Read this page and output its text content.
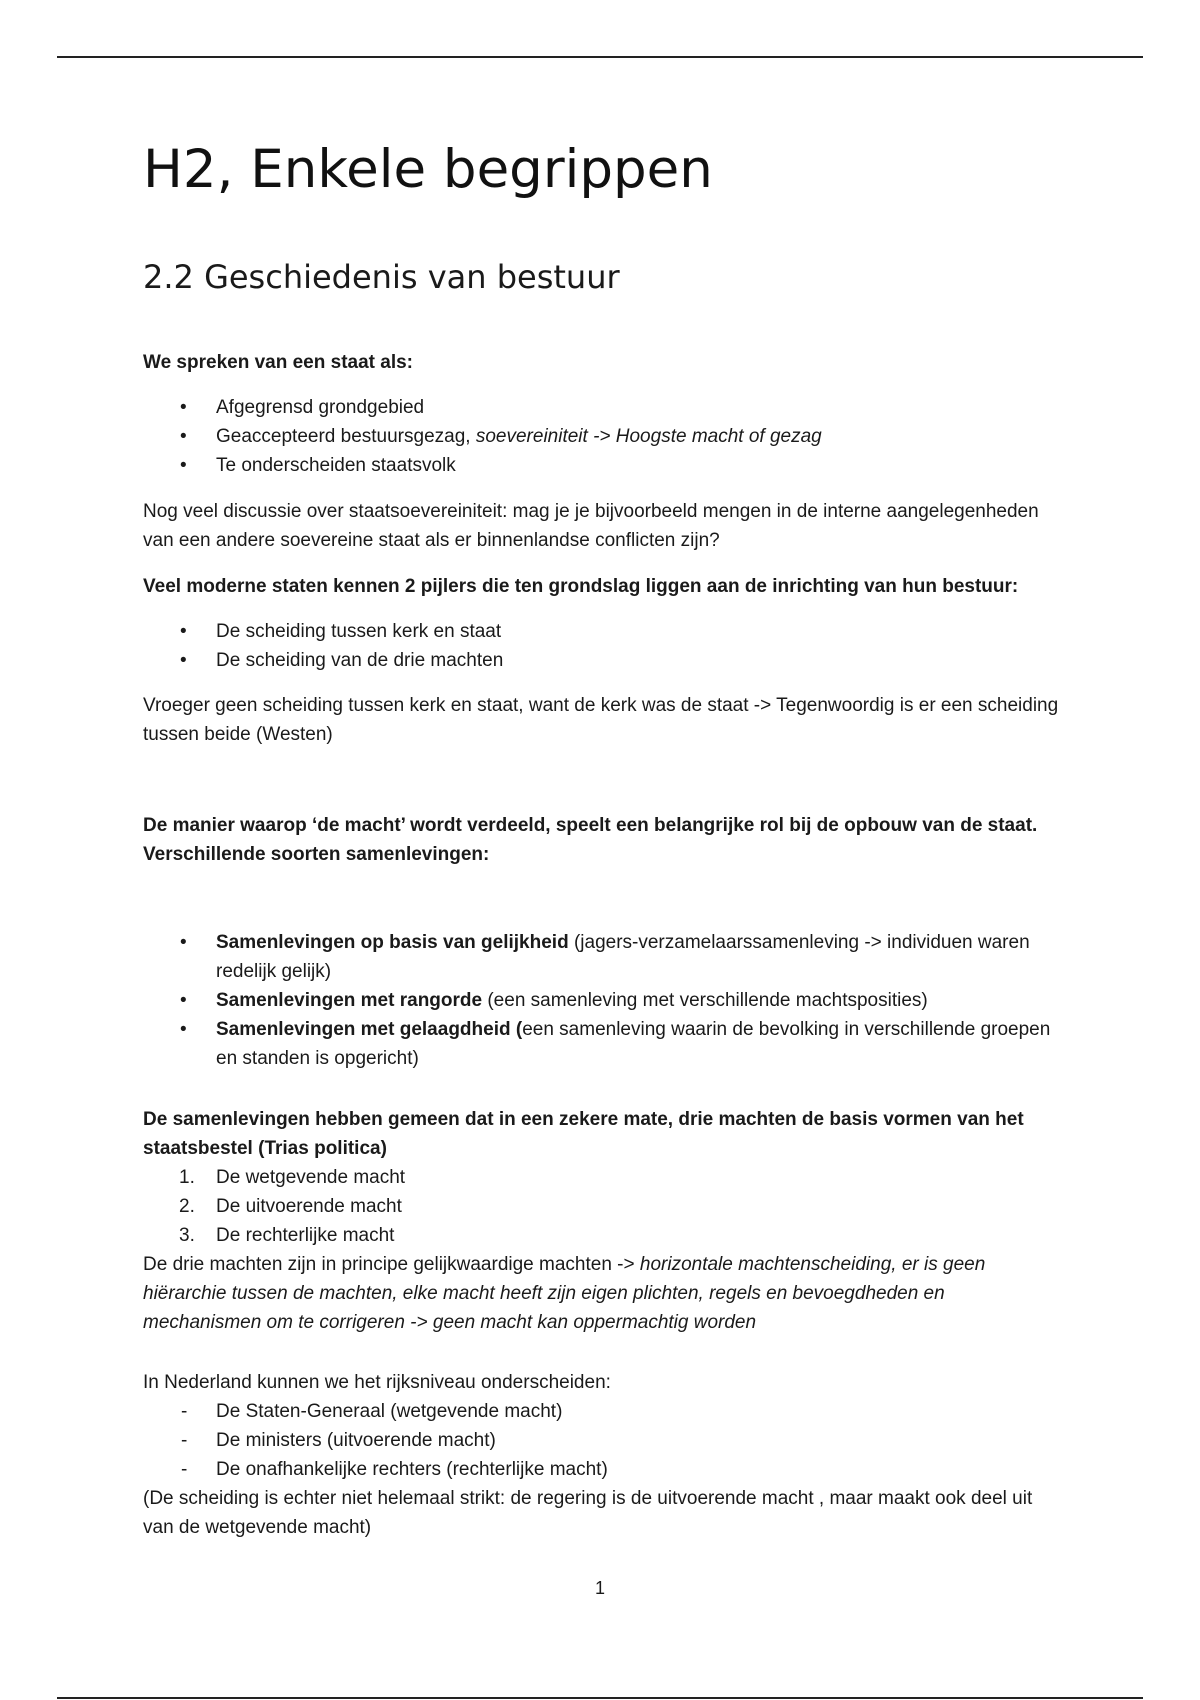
H2, Enkele begrippen
2.2 Geschiedenis van bestuur

We spreken van een staat als:

• Afgegrensd grondgebied
• Geaccepteerd bestuursgezag, soevereiniteit -> Hoogste macht of gezag
• Te onderscheiden staatsvolk

Nog veel discussie over staatsoevereiniteit: mag je je bijvoorbeeld mengen in de interne aangelegenheden van een andere soevereine staat als er binnenlandse conflicten zijn?

Veel moderne staten kennen 2 pijlers die ten grondslag liggen aan de inrichting van hun bestuur:

• De scheiding tussen kerk en staat
• De scheiding van de drie machten

Vroeger geen scheiding tussen kerk en staat, want de kerk was de staat -> Tegenwoordig is er een scheiding tussen beide (Westen)

De manier waarop ‘de macht’ wordt verdeeld, speelt een belangrijke rol bij de opbouw van de staat.

Verschillende soorten samenlevingen:

• Samenlevingen op basis van gelijkheid (jagers-verzamelaarssamenleving -> individuen waren redelijk gelijk)
• Samenlevingen met rangorde (een samenleving met verschillende machtsposities)
• Samenlevingen met gelaagdheid (een samenleving waarin de bevolking in verschillende groepen en standen is opgericht)

De samenlevingen hebben gemeen dat in een zekere mate, drie machten de basis vormen van het staatsbestel (Trias politica)

1. De wetgevende macht
2. De uitvoerende macht
3. De rechterlijke macht

De drie machten zijn in principe gelijkwaardige machten -> horizontale machtenscheiding, er is geen hiërarchie tussen de machten, elke macht heeft zijn eigen plichten, regels en bevoegdheden en mechanismen om te corrigeren -> geen macht kan oppermachtig worden

In Nederland kunnen we het rijksniveau onderscheiden:

- De Staten-Generaal (wetgevende macht)
- De ministers (uitvoerende macht)
- De onafhankelijke rechters (rechterlijke macht)

(De scheiding is echter niet helemaal strikt: de regering is de uitvoerende macht , maar maakt ook deel uit van de wetgevende macht)

1
